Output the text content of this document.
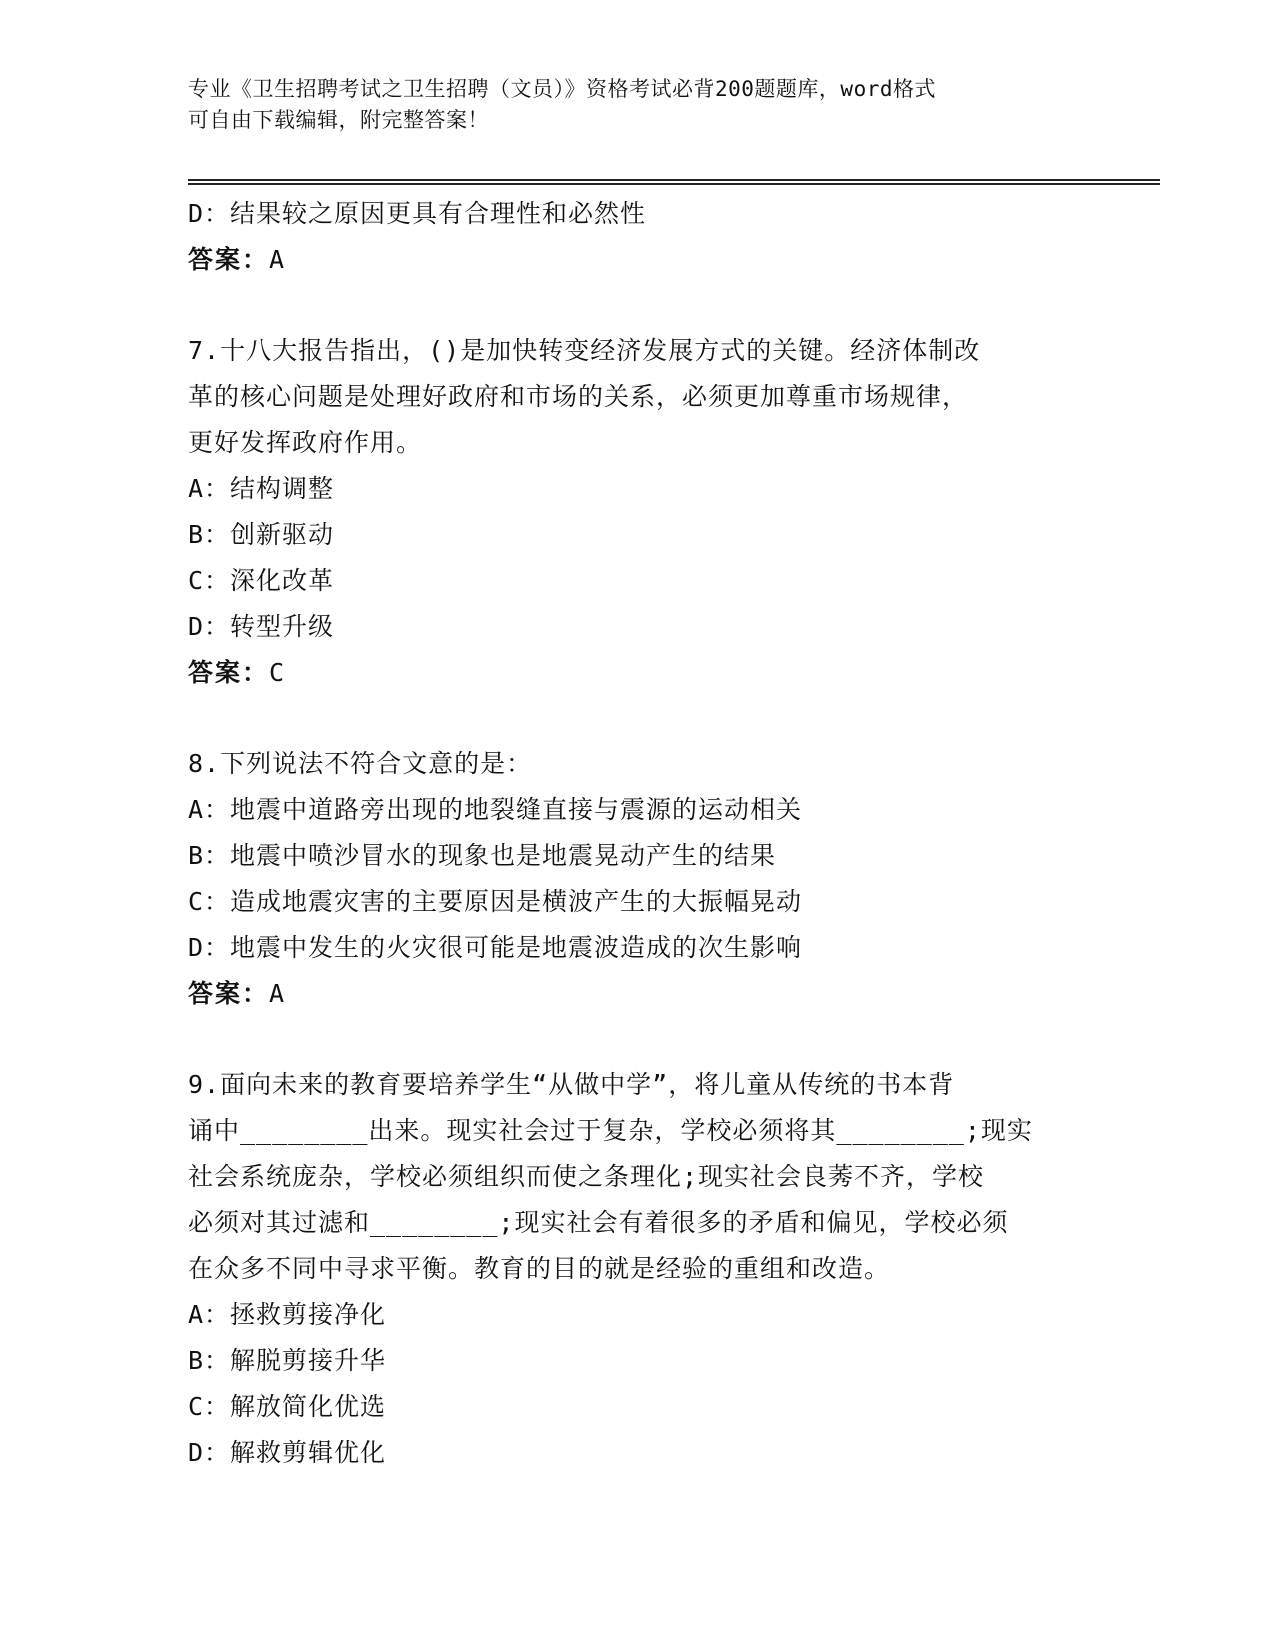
专业《卫生招聘考试之卫生招聘（文员）》资格考试必背200题题库，word格式
可自由下载编辑，附完整答案！
D：结果较之原因更具有合理性和必然性
答案：A
7.十八大报告指出，()是加快转变经济发展方式的关键。经济体制改
革的核心问题是处理好政府和市场的关系，必须更加尊重市场规律，
更好发挥政府作用。
A：结构调整
B：创新驱动
C：深化改革
D：转型升级
答案：C
8.下列说法不符合文意的是：
A：地震中道路旁出现的地裂缝直接与震源的运动相关
B：地震中喷沙冒水的现象也是地震晃动产生的结果
C：造成地震灾害的主要原因是横波产生的大振幅晃动
D：地震中发生的火灾很可能是地震波造成的次生影响
答案：A
9.面向未来的教育要培养学生“从做中学”，将儿童从传统的书本背
诵中________出来。现实社会过于复杂，学校必须将其________;现实
社会系统庞杂，学校必须组织而使之条理化;现实社会良莠不齐，学校
必须对其过滤和________;现实社会有着很多的矛盾和偏见，学校必须
在众多不同中寻求平衡。教育的目的就是经验的重组和改造。
A：拯救剪接净化
B：解脱剪接升华
C：解放简化优选
D：解救剪辑优化
